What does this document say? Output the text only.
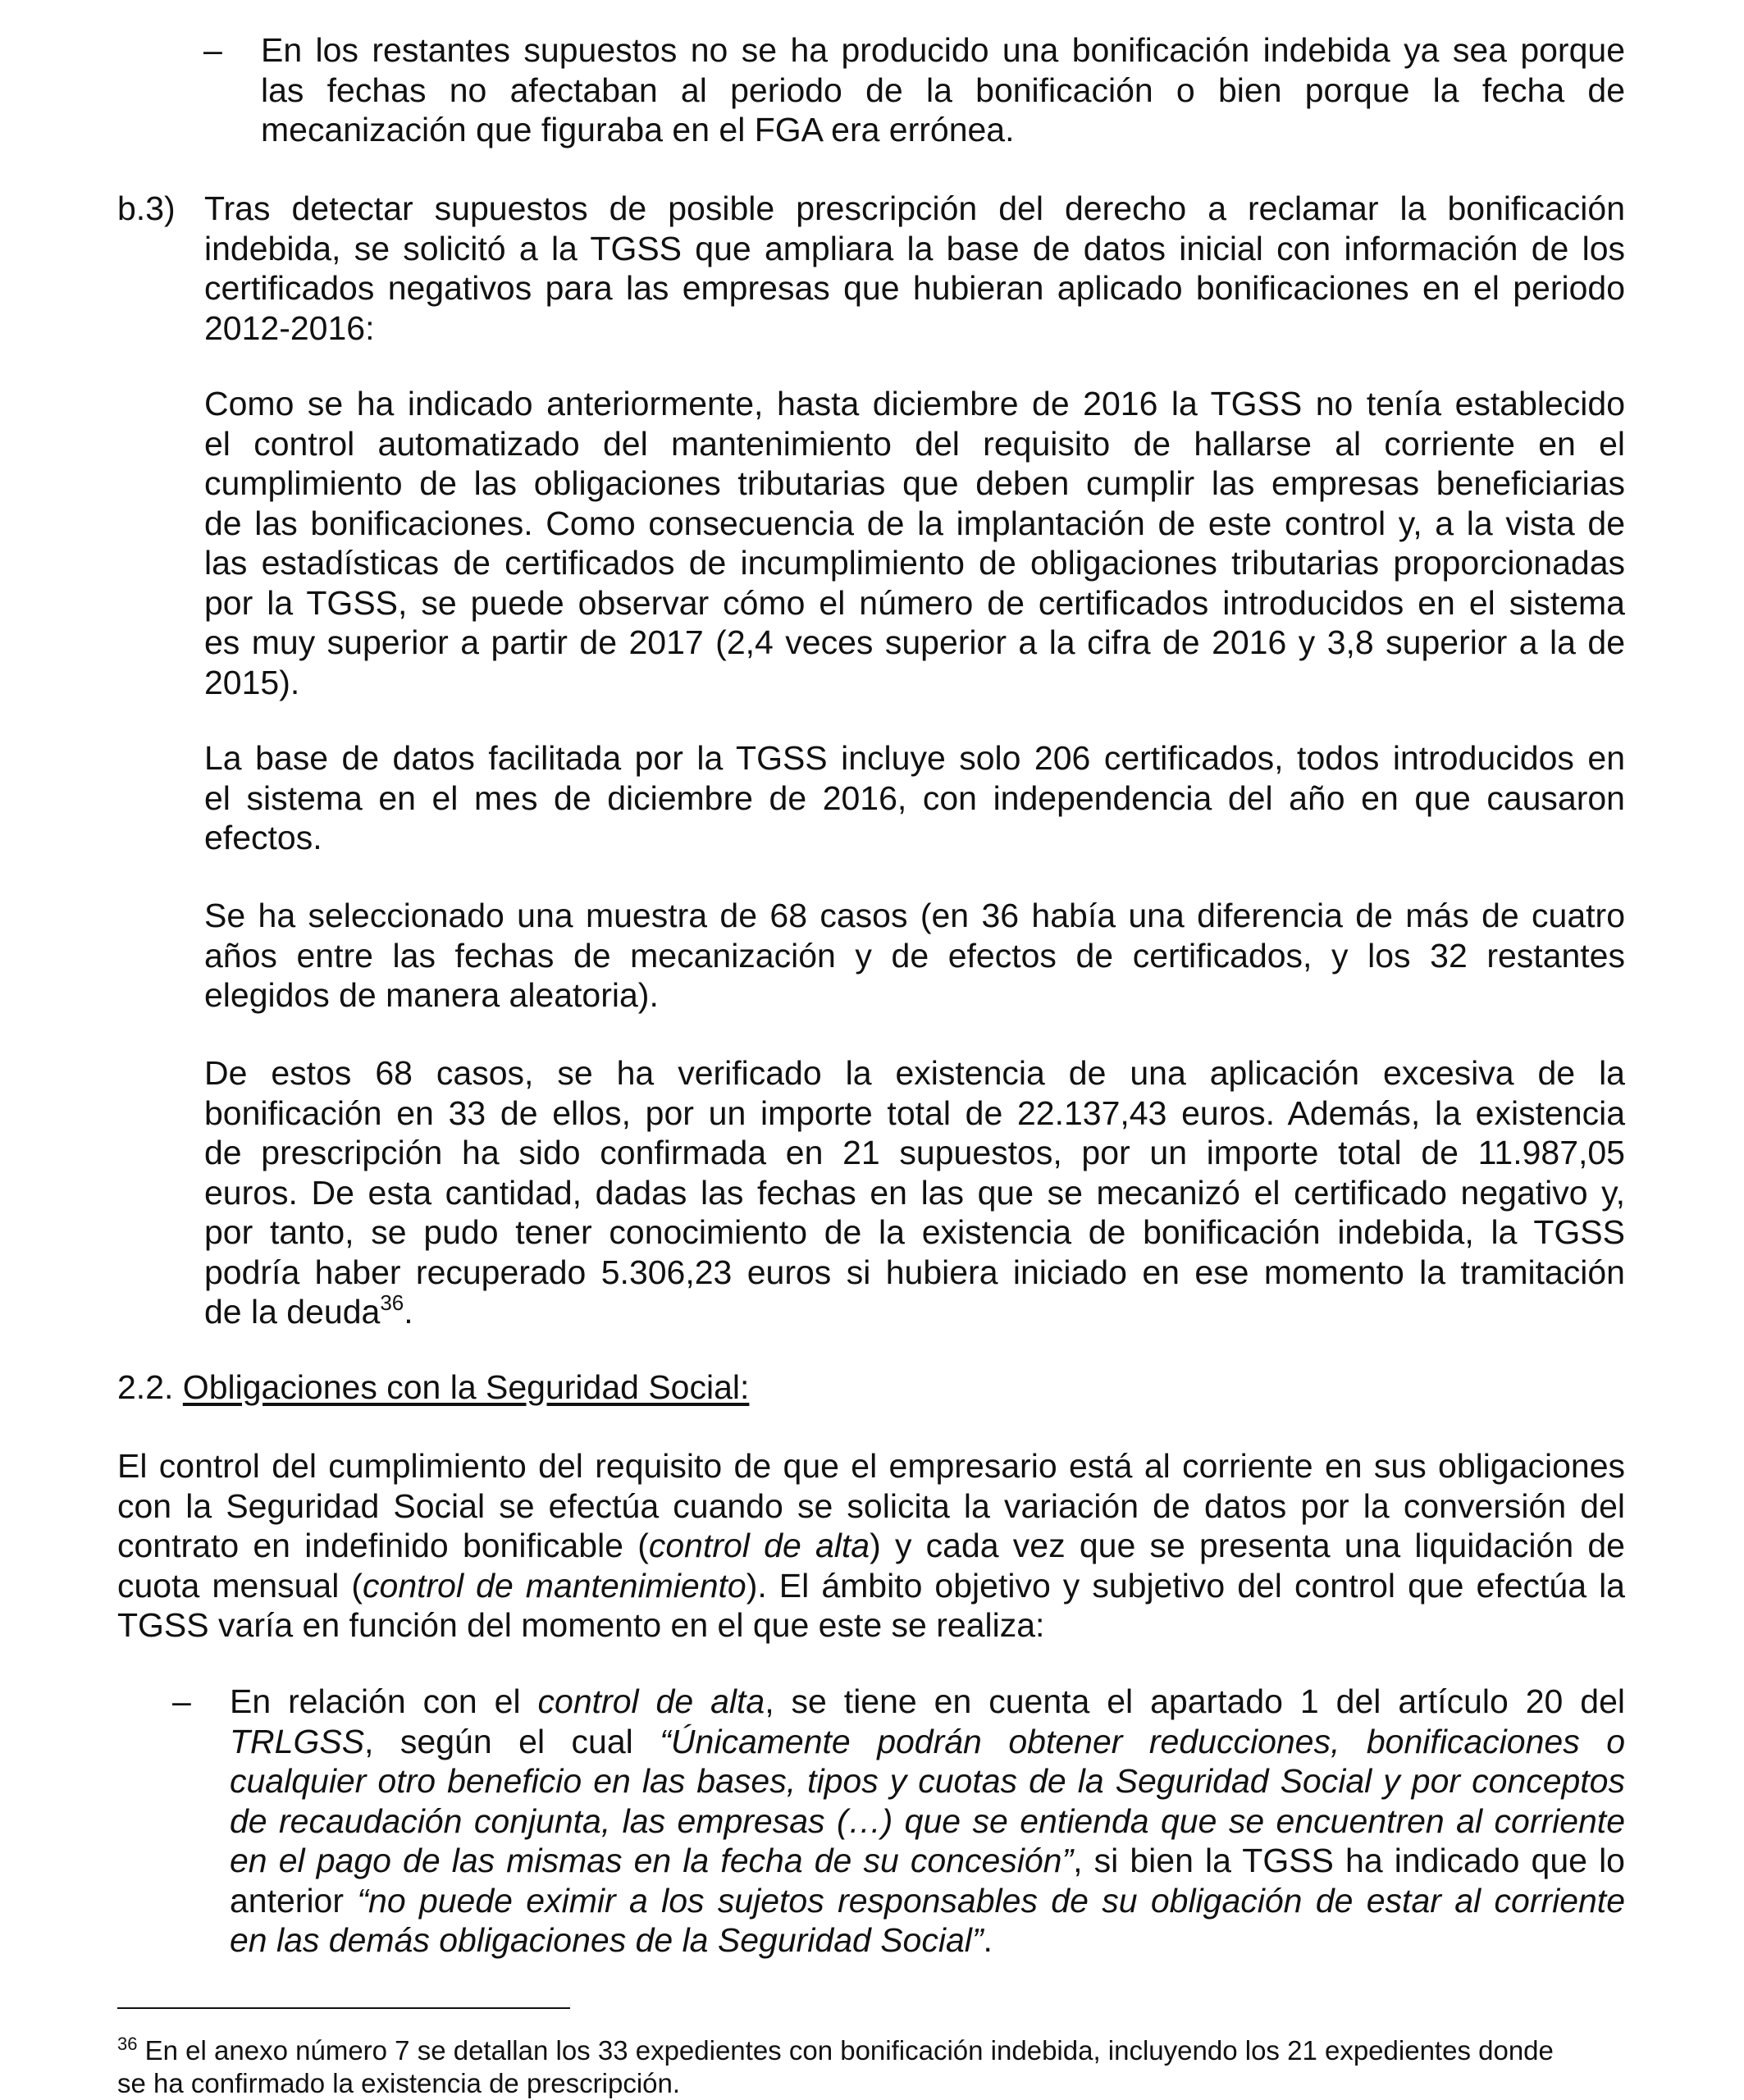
– En los restantes supuestos no se ha producido una bonificación indebida ya sea porque
las fechas no afectaban al periodo de la bonificación o bien porque la fecha de
mecanización que figuraba en el FGA era errónea.
b.3) Tras detectar supuestos de posible prescripción del derecho a reclamar la bonificación
indebida, se solicitó a la TGSS que ampliara la base de datos inicial con información de los
certificados negativos para las empresas que hubieran aplicado bonificaciones en el periodo
2012-2016:
Como se ha indicado anteriormente, hasta diciembre de 2016 la TGSS no tenía establecido
el control automatizado del mantenimiento del requisito de hallarse al corriente en el
cumplimiento de las obligaciones tributarias que deben cumplir las empresas beneficiarias
de las bonificaciones. Como consecuencia de la implantación de este control y, a la vista de
las estadísticas de certificados de incumplimiento de obligaciones tributarias proporcionadas
por la TGSS, se puede observar cómo el número de certificados introducidos en el sistema
es muy superior a partir de 2017 (2,4 veces superior a la cifra de 2016 y 3,8 superior a la de
2015).
La base de datos facilitada por la TGSS incluye solo 206 certificados, todos introducidos en
el sistema en el mes de diciembre de 2016, con independencia del año en que causaron
efectos.
Se ha seleccionado una muestra de 68 casos (en 36 había una diferencia de más de cuatro
años entre las fechas de mecanización y de efectos de certificados, y los 32 restantes
elegidos de manera aleatoria).
De estos 68 casos, se ha verificado la existencia de una aplicación excesiva de la
bonificación en 33 de ellos, por un importe total de 22.137,43 euros. Además, la existencia
de prescripción ha sido confirmada en 21 supuestos, por un importe total de 11.987,05
euros. De esta cantidad, dadas las fechas en las que se mecanizó el certificado negativo y,
por tanto, se pudo tener conocimiento de la existencia de bonificación indebida, la TGSS
podría haber recuperado 5.306,23 euros si hubiera iniciado en ese momento la tramitación
de la deuda$^{36}$.
2.2. Obligaciones con la Seguridad Social:
El control del cumplimiento del requisito de que el empresario está al corriente en sus obligaciones
con la Seguridad Social se efectúa cuando se solicita la variación de datos por la conversión del
contrato en indefinido bonificable (control de alta) y cada vez que se presenta una liquidación de
cuota mensual (control de mantenimiento). El ámbito objetivo y subjetivo del control que efectúa la
TGSS varía en función del momento en el que este se realiza:
– En relación con el control de alta, se tiene en cuenta el apartado 1 del artículo 20 del
TRLGSS, según el cual “Únicamente podrán obtener reducciones, bonificaciones o
cualquier otro beneficio en las bases, tipos y cuotas de la Seguridad Social y por conceptos
de recaudación conjunta, las empresas (…) que se entienda que se encuentren al corriente
en el pago de las mismas en la fecha de su concesión”, si bien la TGSS ha indicado que lo
anterior “no puede eximir a los sujetos responsables de su obligación de estar al corriente
en las demás obligaciones de la Seguridad Social”.
$^{36}$ En el anexo número 7 se detallan los 33 expedientes con bonificación indebida, incluyendo los 21 expedientes donde
se ha confirmado la existencia de prescripción.
